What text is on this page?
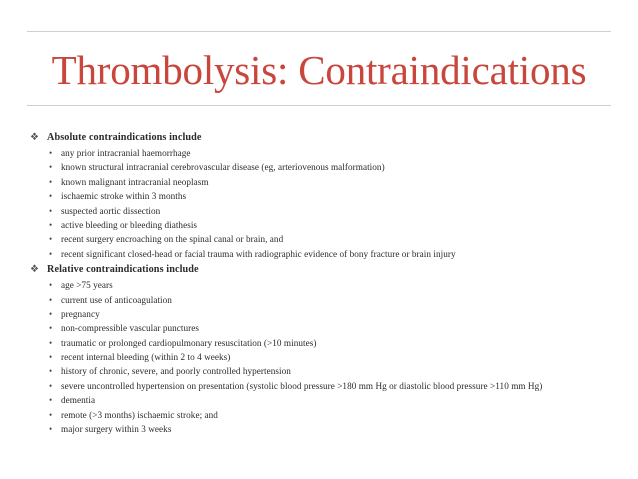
Thrombolysis: Contraindications
❖ Absolute contraindications include
• any prior intracranial haemorrhage
• known structural intracranial cerebrovascular disease (eg, arteriovenous malformation)
• known malignant intracranial neoplasm
• ischaemic stroke within 3 months
• suspected aortic dissection
• active bleeding or bleeding diathesis
• recent surgery encroaching on the spinal canal or brain, and
• recent significant closed-head or facial trauma with radiographic evidence of bony fracture or brain injury
❖ Relative contraindications include
• age >75 years
• current use of anticoagulation
• pregnancy
• non-compressible vascular punctures
• traumatic or prolonged cardiopulmonary resuscitation (>10 minutes)
• recent internal bleeding (within 2 to 4 weeks)
• history of chronic, severe, and poorly controlled hypertension
• severe uncontrolled hypertension on presentation (systolic blood pressure >180 mm Hg or diastolic blood pressure >110 mm Hg)
• dementia
• remote (>3 months) ischaemic stroke; and
• major surgery within 3 weeks
